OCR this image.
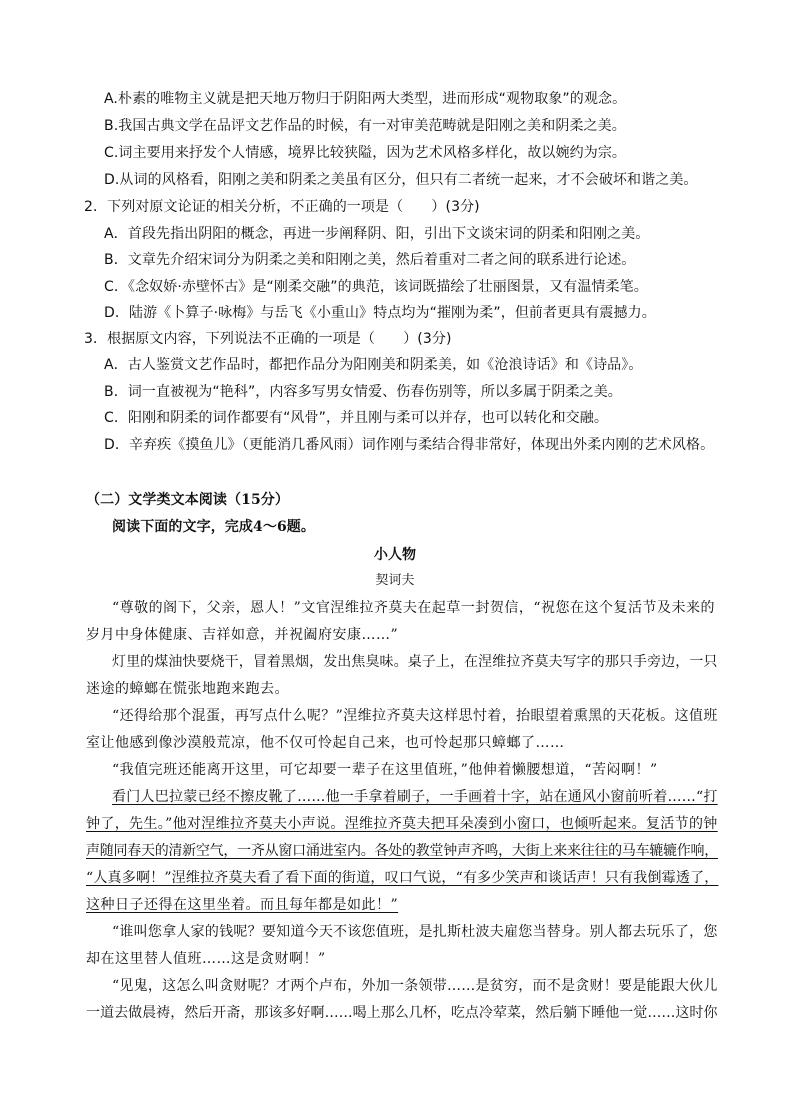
A.朴素的唯物主义就是把天地万物归于阴阳两大类型，进而形成“观物取象”的观念。
B.我国古典文学在品评文艺作品的时候，有一对审美范畴就是阳刚之美和阴柔之美。
C.词主要用来抒发个人情感，境界比较狭隘，因为艺术风格多样化，故以婉约为宗。
D.从词的风格看，阳刚之美和阴柔之美虽有区分，但只有二者统一起来，才不会破坏和谐之美。
2．下列对原文论证的相关分析，不正确的一项是（　　）(3分)
A．首段先指出阴阳的概念，再进一步阐释阴、阳，引出下文谈宋词的阴柔和阳刚之美。
B．文章先介绍宋词分为阴柔之美和阳刚之美，然后着重对二者之间的联系进行论述。
C．《念奴娇·赤壁怀古》是“刚柔交融”的典范，该词既描绘了壮丽图景，又有温情柔笔。
D．陆游《卜算子·咏梅》与岳飞《小重山》特点均为“摧刚为柔”，但前者更具有震撼力。
3．根据原文内容，下列说法不正确的一项是（　　）(3分)
A．古人鉴赏文艺作品时，都把作品分为阳刚美和阴柔美，如《沧浪诗话》和《诗品》。
B．词一直被视为“艳科”，内容多写男女情爱、伤春伤别等，所以多属于阴柔之美。
C．阳刚和阴柔的词作都要有“风骨”，并且刚与柔可以并存，也可以转化和交融。
D．辛弃疾《摸鱼儿》（更能消几番风雨）词作刚与柔结合得非常好，体现出外柔内刚的艺术风格。
（二）文学类文本阅读（15分）
阅读下面的文字，完成4～6题。
小人物
契诃夫
“尊敬的阁下，父亲，恩人！”文官涅维拉齐莫夫在起草一封贺信，“祝您在这个复活节及未来的
岁月中身体健康、吉祥如意，并祝阖府安康……”
灯里的煤油快要烧干，冒着黑烟，发出焦臭味。桌子上，在涅维拉齐莫夫写字的那只手旁边，一只
迷途的蟑螂在慌张地跑来跑去。
“还得给那个混蛋，再写点什么呢？”涅维拉齐莫夫这样思忖着，抬眼望着熏黑的天花板。这值班
室让他感到像沙漠般荒凉，他不仅可怜起自己来，也可怜起那只蟑螂了……
“我值完班还能离开这里，可它却要一辈子在这里值班，”他伸着懒腰想道，“苦闷啊！”
看门人巴拉蒙已经不擦皮靴了……他一手拿着刷子，一手画着十字，站在通风小窗前听着……“打
钟了，先生。”他对涅维拉齐莫夫小声说。涅维拉齐莫夫把耳朵凑到小窗口，也倾听起来。复活节的钟
声随同春天的清新空气，一齐从窗口涌进室内。各处的教堂钟声齐鸣，大街上来来往往的马车辘辘作响，
“人真多啊！”涅维拉齐莫夫看了看下面的街道，叹口气说，“有多少笑声和谈话声！只有我倒霉透了，
这种日子还得在这里坐着。而且每年都是如此！”
“谁叫您拿人家的钱呢？要知道今天不该您值班，是扎斯杜波夫雇您当替身。别人都去玩乐了，您
却在这里替人值班……这是贪财啊！”
“见鬼，这怎么叫贪财呢？才两个卢布，外加一条领带……是贫穷，而不是贪财！要是能跟大伙儿
一道去做晨祷，然后开斋，那该多好啊……喝上那么几杯，吃点冷荤菜，然后躺下睡他一觉……这时你
